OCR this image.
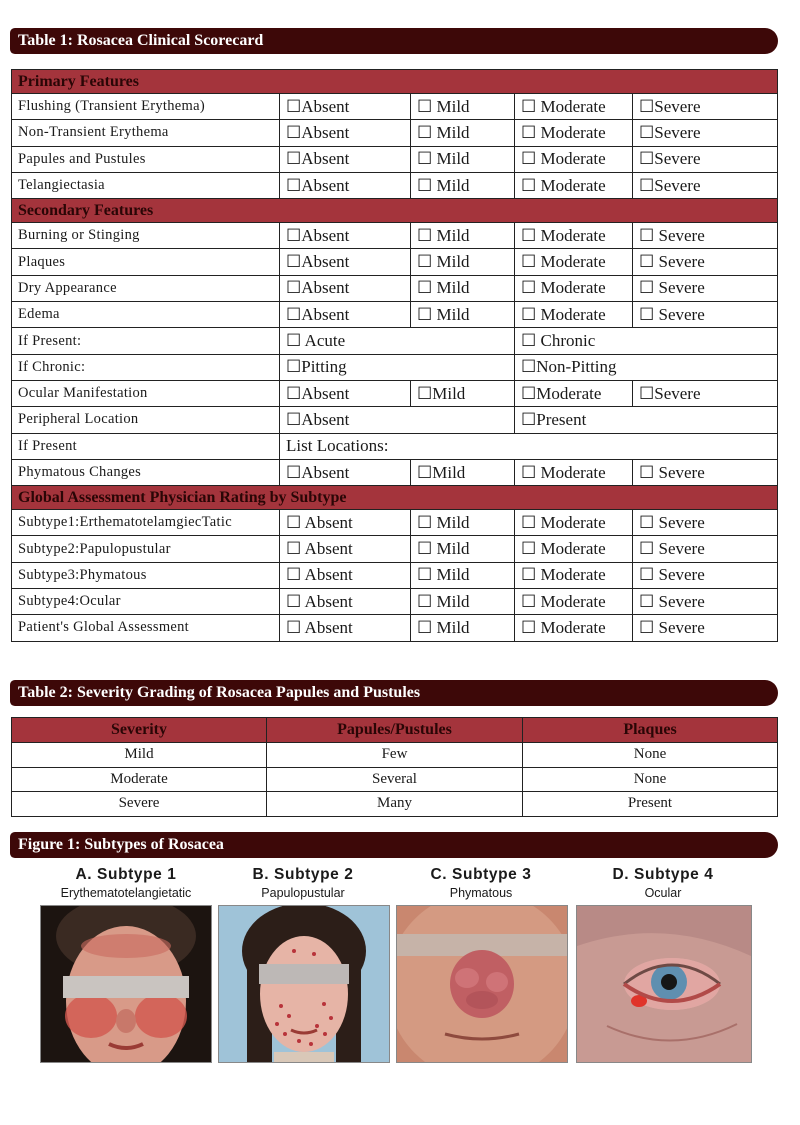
Table 1: Rosacea Clinical Scorecard
Primary Features				
Flushing (Transient Erythema)	☐Absent	☐ Mild	☐ Moderate	☐Severe
Non-Transient Erythema	☐Absent	☐ Mild	☐ Moderate	☐Severe
Papules and Pustules	☐Absent	☐ Mild	☐ Moderate	☐Severe
Telangiectasia	☐Absent	☐ Mild	☐ Moderate	☐Severe
Secondary Features				
Burning or Stinging	☐Absent	☐ Mild	☐ Moderate	☐ Severe
Plaques	☐Absent	☐ Mild	☐ Moderate	☐ Severe
Dry Appearance	☐Absent	☐ Mild	☐ Moderate	☐ Severe
Edema	☐Absent	☐ Mild	☐ Moderate	☐ Severe
If Present:	☐ Acute		☐ Chronic	
If Chronic:	☐Pitting		☐Non-Pitting	
Ocular Manifestation	☐Absent	☐Mild	☐Moderate	☐Severe
Peripheral Location	☐Absent		☐Present	
If Present	List Locations:			
Phymatous Changes	☐Absent	☐Mild	☐ Moderate	☐ Severe
Global Assessment Physician Rating by Subtype				
Subtype1:ErthematotelamgiecTatic	☐ Absent	☐ Mild	☐ Moderate	☐ Severe
Subtype2:Papulopustular	☐ Absent	☐ Mild	☐ Moderate	☐ Severe
Subtype3:Phymatous	☐ Absent	☐ Mild	☐ Moderate	☐ Severe
Subtype4:Ocular	☐ Absent	☐ Mild	☐ Moderate	☐ Severe
Patient's Global Assessment	☐ Absent	☐ Mild	☐ Moderate	☐ Severe
Table 2: Severity Grading of Rosacea Papules and Pustules
Severity	Papules/Pustules	Plaques
Mild	Few	None
Moderate	Several	None
Severe	Many	Present
Figure 1: Subtypes of Rosacea
A. Subtype 1
Erythematotelangietatic
B. Subtype 2
Papulopustular
C. Subtype 3
Phymatous
D. Subtype 4
Ocular
